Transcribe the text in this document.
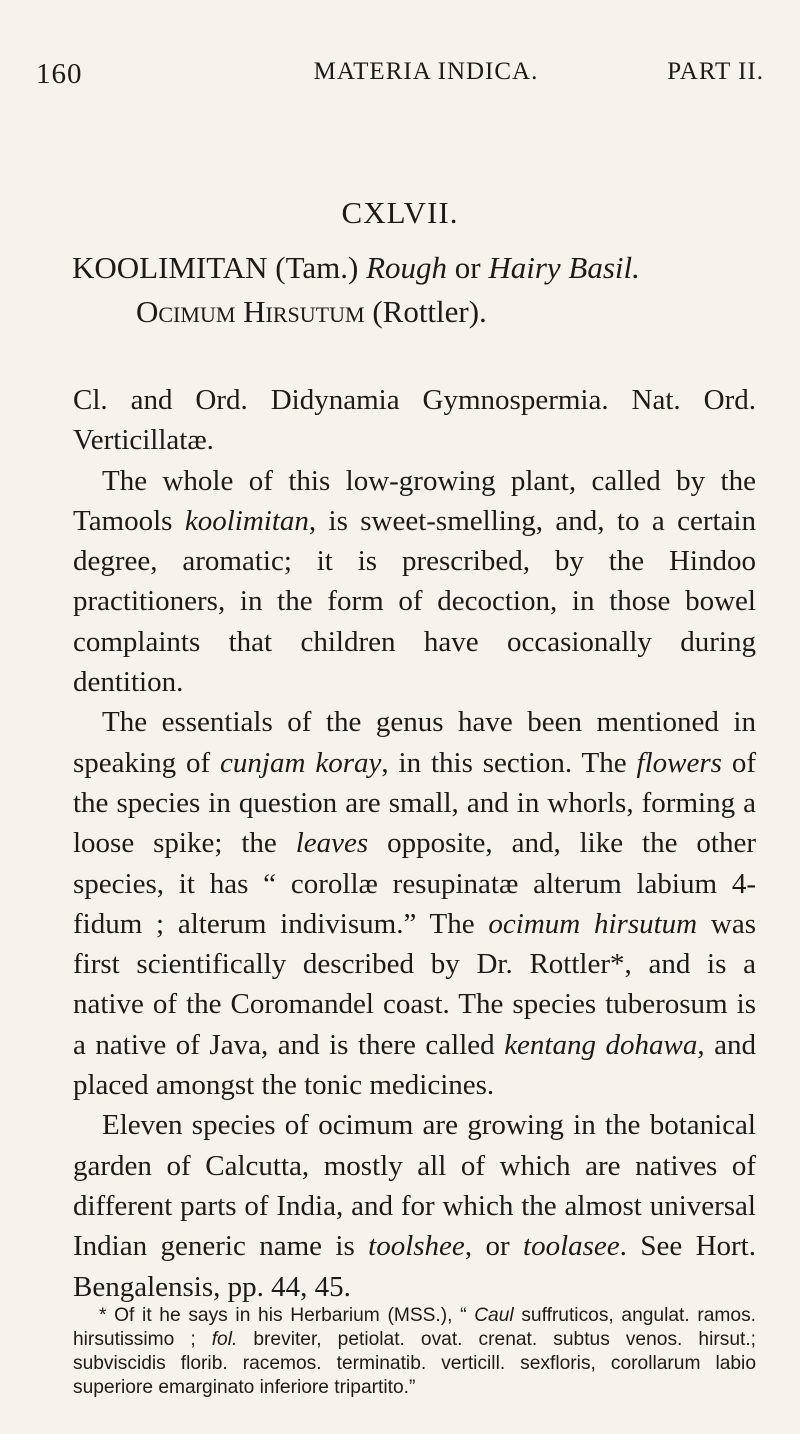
160	MATERIA INDICA.	PART II.
CXLVII.
KOOLIMITAN (Tam.) Rough or Hairy Basil.
Ocimum Hirsutum (Rottler).

Cl. and Ord. Didynamia Gymnospermia. Nat. Ord. Verticillatæ.

The whole of this low-growing plant, called by the Tamools koolimitan, is sweet-smelling, and, to a certain degree, aromatic; it is prescribed, by the Hindoo practitioners, in the form of decoction, in those bowel complaints that children have occasionally during dentition.

The essentials of the genus have been mentioned in speaking of cunjam koray, in this section. The flowers of the species in question are small, and in whorls, forming a loose spike; the leaves opposite, and, like the other species, it has “ corollæ resupinatæ alterum labium 4-fidum ; alterum indivisum.” The ocimum hirsutum was first scientifically described by Dr. Rottler*, and is a native of the Coromandel coast. The species tuberosum is a native of Java, and is there called kentang dohawa, and placed amongst the tonic medicines.

Eleven species of ocimum are growing in the botanical garden of Calcutta, mostly all of which are natives of different parts of India, and for which the almost universal Indian generic name is toolshee, or toolasee. See Hort. Bengalensis, pp. 44, 45.

* Of it he says in his Herbarium (MSS.), “ Caul suffruticos, angulat. ramos. hirsutissimo ; fol. breviter, petiolat. ovat. crenat. subtus venos. hirsut.; subviscidis florib. racemos. terminatib. verticill. sexfloris, corollarum labio superiore emarginato inferiore tripartito.”
